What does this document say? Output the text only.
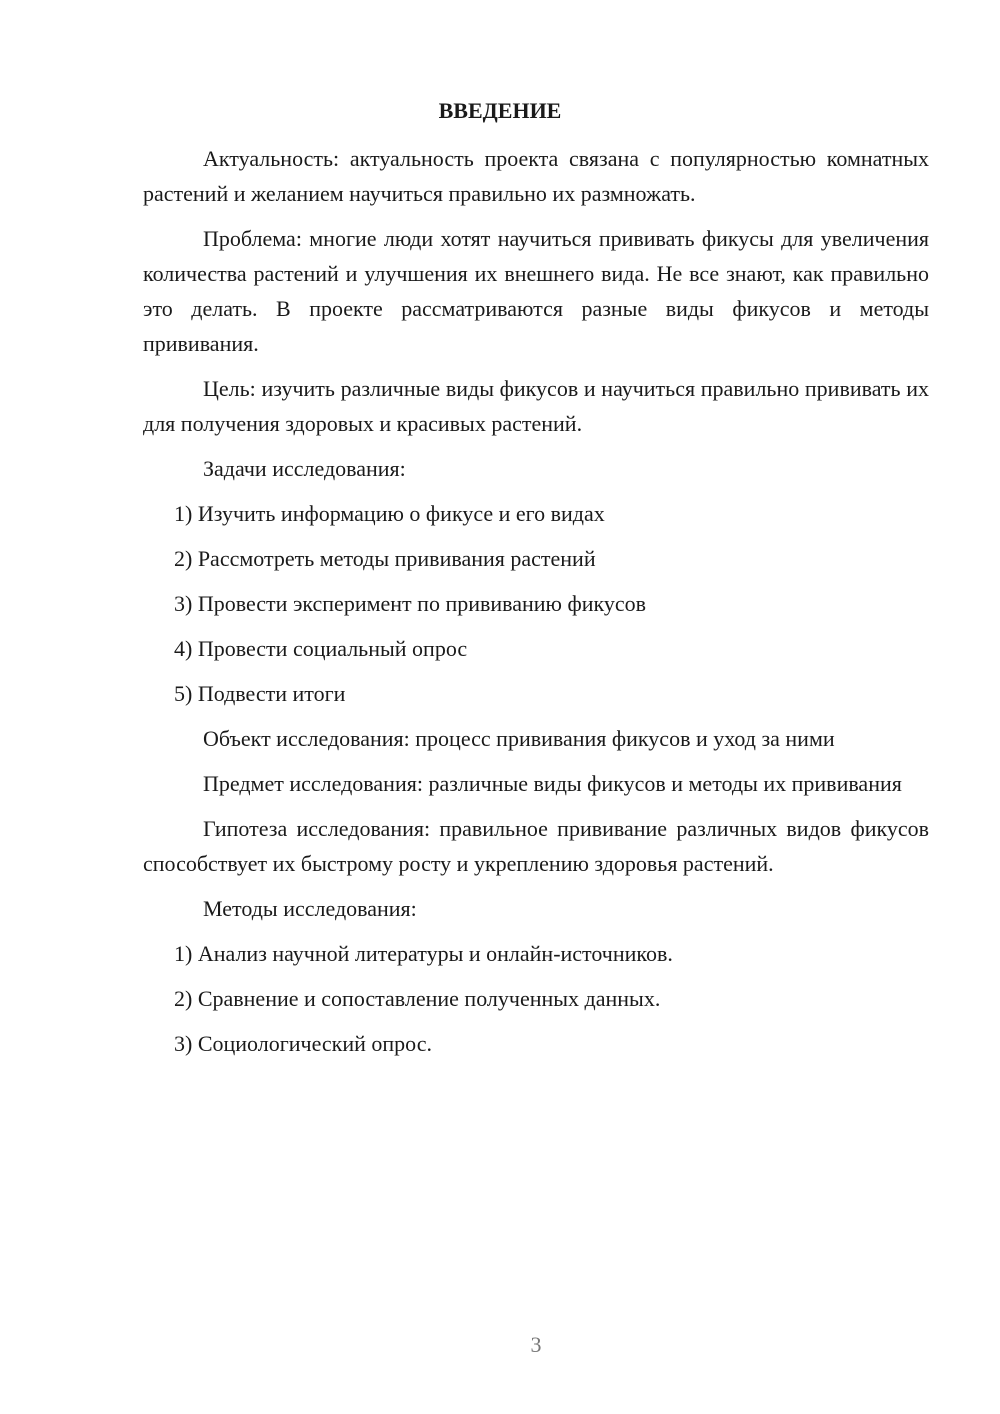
ВВЕДЕНИЕ

Актуальность: актуальность проекта связана с популярностью комнатных растений и желанием научиться правильно их размножать.

Проблема: многие люди хотят научиться прививать фикусы для увеличения количества растений и улучшения их внешнего вида. Не все знают, как правильно это делать. В проекте рассматриваются разные виды фикусов и методы прививания.

Цель: изучить различные виды фикусов и научиться правильно прививать их для получения здоровых и красивых растений.

Задачи исследования:

1) Изучить информацию о фикусе и его видах

2) Рассмотреть методы прививания растений

3) Провести эксперимент по прививанию фикусов

4) Провести социальный опрос

5) Подвести итоги

Объект исследования: процесс прививания фикусов и уход за ними

Предмет исследования: различные виды фикусов и методы их прививания

Гипотеза исследования: правильное прививание различных видов фикусов способствует их быстрому росту и укреплению здоровья растений.

Методы исследования:

1) Анализ научной литературы и онлайн-источников.

2) Сравнение и сопоставление полученных данных.

3) Социологический опрос.

3
